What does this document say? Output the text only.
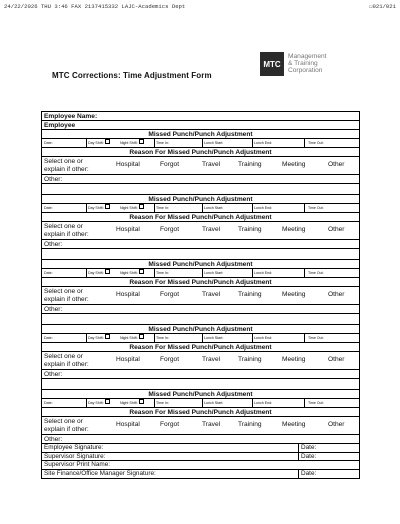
24/22/2026 THU 3:46 FAX 2137415332 LAJC-Academics Dept	☐021/021
MTC Corrections: Time Adjustment Form
MTC
Management
& Training
Corporation
Employee Name:
Employee
Missed Punch/Punch Adjustment
Date:	Day Shift:	Night Shift:	Time In:	Lunch Start:	Lunch End:	Time Out:
Reason For Missed Punch/Punch Adjustment
Select one or
explain if other:
Hospital	Forgot	Travel	Training	Meeting	Other
Other:
Missed Punch/Punch Adjustment
Date:	Day Shift:	Night Shift:	Time In:	Lunch Start:	Lunch End:	Time Out:
Reason For Missed Punch/Punch Adjustment
Select one or
explain if other:
Hospital	Forgot	Travel	Training	Meeting	Other
Other:
Missed Punch/Punch Adjustment
Date:	Day Shift:	Night Shift:	Time In:	Lunch Start:	Lunch End:	Time Out:
Reason For Missed Punch/Punch Adjustment
Select one or
explain if other:
Hospital	Forgot	Travel	Training	Meeting	Other
Other:
Missed Punch/Punch Adjustment
Date:	Day Shift:	Night Shift:	Time In:	Lunch Start:	Lunch End:	Time Out:
Reason For Missed Punch/Punch Adjustment
Select one or
explain if other:
Hospital	Forgot	Travel	Training	Meeting	Other
Other:
Missed Punch/Punch Adjustment
Date:	Day Shift:	Night Shift:	Time In:	Lunch Start:	Lunch End:	Time Out:
Reason For Missed Punch/Punch Adjustment
Select one or
explain if other:
Hospital	Forgot	Travel	Training	Meeting	Other
Other:
Employee Signature:	Date:
Supervisor Signature:	Date:
Supervisor Print Name:
Site Finance/Office Manager Signature:	Date:
